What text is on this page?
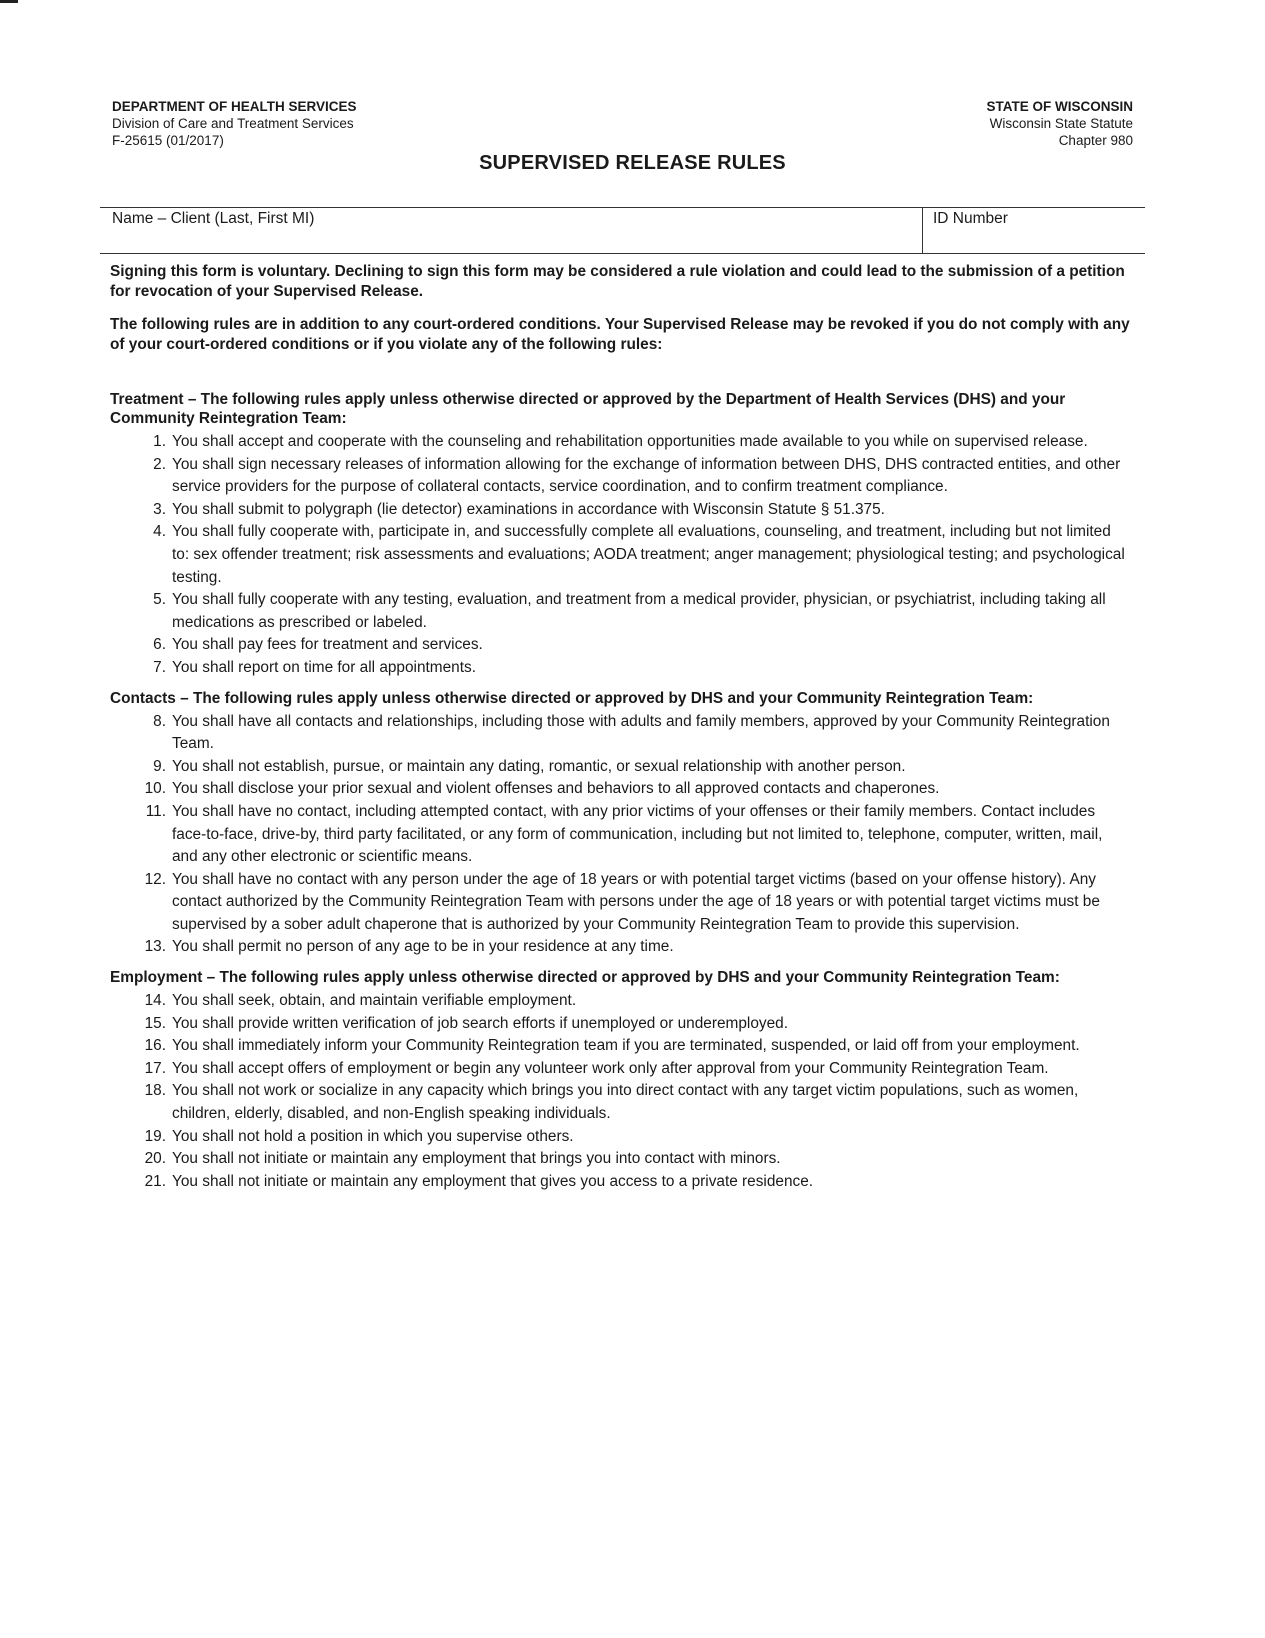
DEPARTMENT OF HEALTH SERVICES
Division of Care and Treatment Services
F-25615 (01/2017)
STATE OF WISCONSIN
Wisconsin State Statute
Chapter 980
SUPERVISED RELEASE RULES
Name – Client (Last, First MI)	ID Number

Signing this form is voluntary. Declining to sign this form may be considered a rule violation and could lead to the submission of a petition for revocation of your Supervised Release.

The following rules are in addition to any court-ordered conditions. Your Supervised Release may be revoked if you do not comply with any of your court-ordered conditions or if you violate any of the following rules:

Treatment – The following rules apply unless otherwise directed or approved by the Department of Health Services (DHS) and your Community Reintegration Team:
1. You shall accept and cooperate with the counseling and rehabilitation opportunities made available to you while on supervised release.
2. You shall sign necessary releases of information allowing for the exchange of information between DHS, DHS contracted entities, and other service providers for the purpose of collateral contacts, service coordination, and to confirm treatment compliance.
3. You shall submit to polygraph (lie detector) examinations in accordance with Wisconsin Statute § 51.375.
4. You shall fully cooperate with, participate in, and successfully complete all evaluations, counseling, and treatment, including but not limited to: sex offender treatment; risk assessments and evaluations; AODA treatment; anger management; physiological testing; and psychological testing.
5. You shall fully cooperate with any testing, evaluation, and treatment from a medical provider, physician, or psychiatrist, including taking all medications as prescribed or labeled.
6. You shall pay fees for treatment and services.
7. You shall report on time for all appointments.
Contacts – The following rules apply unless otherwise directed or approved by DHS and your Community Reintegration Team:
8. You shall have all contacts and relationships, including those with adults and family members, approved by your Community Reintegration Team.
9. You shall not establish, pursue, or maintain any dating, romantic, or sexual relationship with another person.
10. You shall disclose your prior sexual and violent offenses and behaviors to all approved contacts and chaperones.
11. You shall have no contact, including attempted contact, with any prior victims of your offenses or their family members. Contact includes face-to-face, drive-by, third party facilitated, or any form of communication, including but not limited to, telephone, computer, written, mail, and any other electronic or scientific means.
12. You shall have no contact with any person under the age of 18 years or with potential target victims (based on your offense history). Any contact authorized by the Community Reintegration Team with persons under the age of 18 years or with potential target victims must be supervised by a sober adult chaperone that is authorized by your Community Reintegration Team to provide this supervision.
13. You shall permit no person of any age to be in your residence at any time.
Employment – The following rules apply unless otherwise directed or approved by DHS and your Community Reintegration Team:
14. You shall seek, obtain, and maintain verifiable employment.
15. You shall provide written verification of job search efforts if unemployed or underemployed.
16. You shall immediately inform your Community Reintegration team if you are terminated, suspended, or laid off from your employment.
17. You shall accept offers of employment or begin any volunteer work only after approval from your Community Reintegration Team.
18. You shall not work or socialize in any capacity which brings you into direct contact with any target victim populations, such as women, children, elderly, disabled, and non-English speaking individuals.
19. You shall not hold a position in which you supervise others.
20. You shall not initiate or maintain any employment that brings you into contact with minors.
21. You shall not initiate or maintain any employment that gives you access to a private residence.
